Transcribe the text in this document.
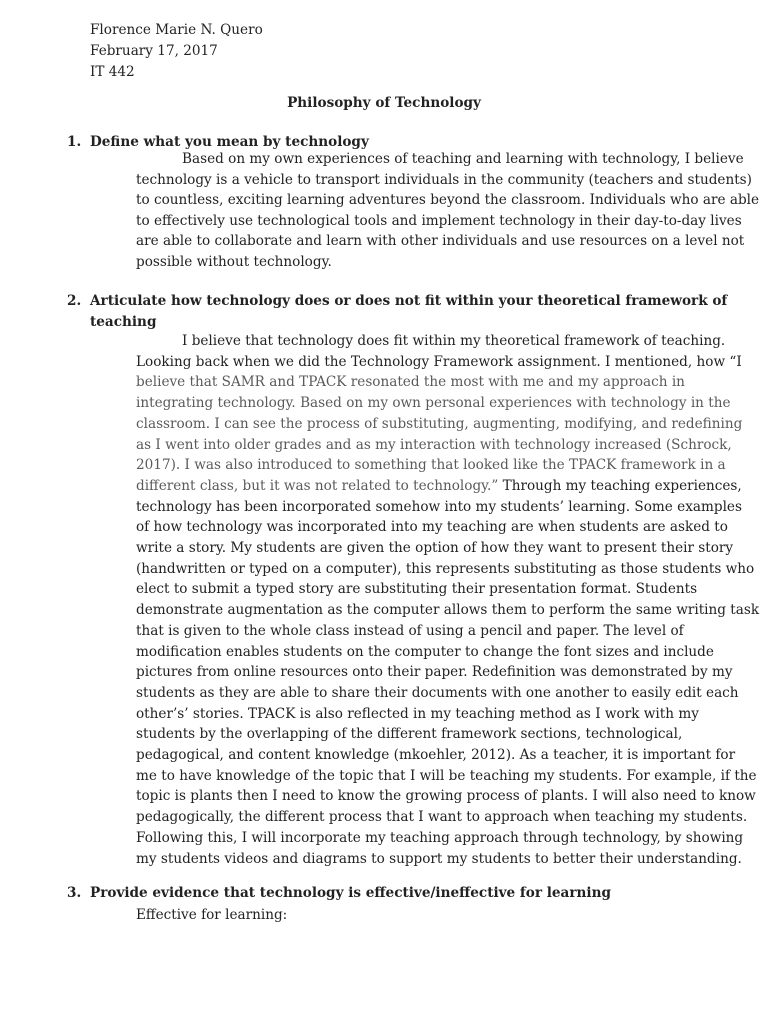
Florence Marie N. Quero
February 17, 2017
IT 442
Philosophy of Technology
1. Define what you mean by technology
Based on my own experiences of teaching and learning with technology, I believe
technology is a vehicle to transport individuals in the community (teachers and students)
to countless, exciting learning adventures beyond the classroom. Individuals who are able
to effectively use technological tools and implement technology in their day-to-day lives
are able to collaborate and learn with other individuals and use resources on a level not
possible without technology.
2. Articulate how technology does or does not fit within your theoretical framework of
teaching
I believe that technology does fit within my theoretical framework of teaching.
Looking back when we did the Technology Framework assignment. I mentioned, how “I
believe that SAMR and TPACK resonated the most with me and my approach in
integrating technology. Based on my own personal experiences with technology in the
classroom. I can see the process of substituting, augmenting, modifying, and redefining
as I went into older grades and as my interaction with technology increased (Schrock,
2017). I was also introduced to something that looked like the TPACK framework in a
different class, but it was not related to technology.” Through my teaching experiences,
technology has been incorporated somehow into my students’ learning. Some examples
of how technology was incorporated into my teaching are when students are asked to
write a story. My students are given the option of how they want to present their story
(handwritten or typed on a computer), this represents substituting as those students who
elect to submit a typed story are substituting their presentation format. Students
demonstrate augmentation as the computer allows them to perform the same writing task
that is given to the whole class instead of using a pencil and paper. The level of
modification enables students on the computer to change the font sizes and include
pictures from online resources onto their paper. Redefinition was demonstrated by my
students as they are able to share their documents with one another to easily edit each
other’s’ stories. TPACK is also reflected in my teaching method as I work with my
students by the overlapping of the different framework sections, technological,
pedagogical, and content knowledge (mkoehler, 2012). As a teacher, it is important for
me to have knowledge of the topic that I will be teaching my students. For example, if the
topic is plants then I need to know the growing process of plants. I will also need to know
pedagogically, the different process that I want to approach when teaching my students.
Following this, I will incorporate my teaching approach through technology, by showing
my students videos and diagrams to support my students to better their understanding.
3. Provide evidence that technology is effective/ineffective for learning
Effective for learning:
